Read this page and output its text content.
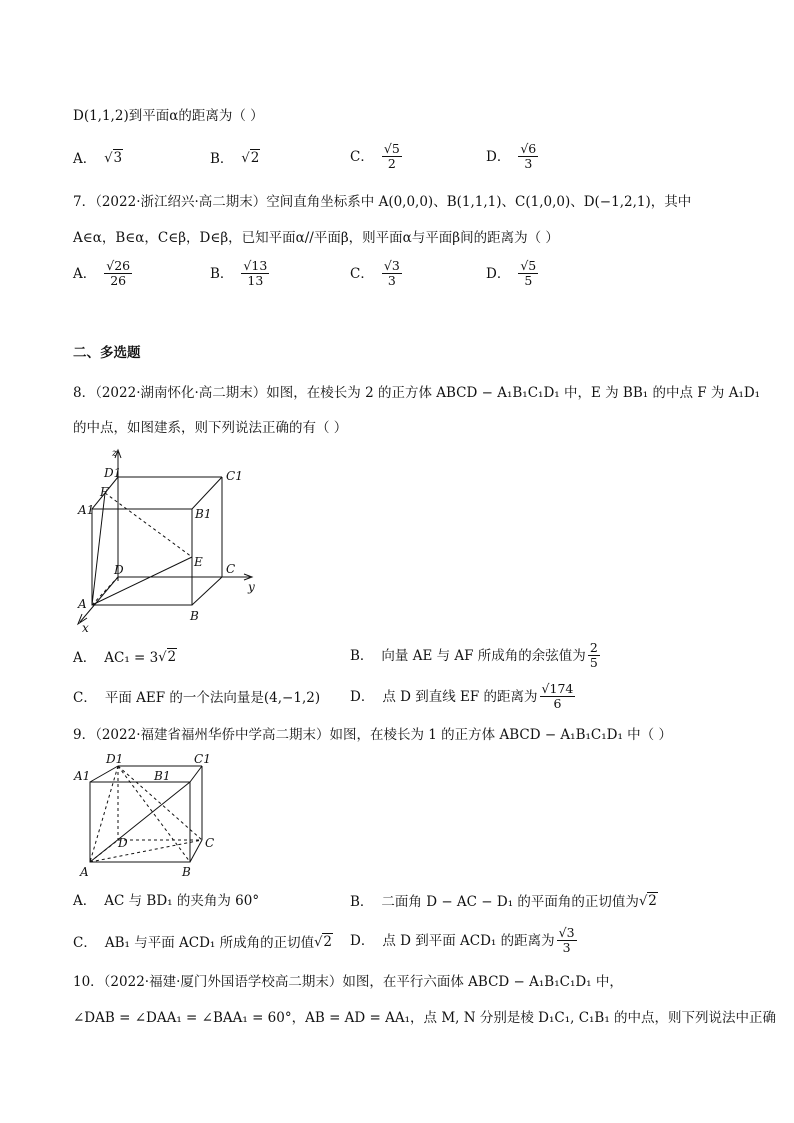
D(1,1,2)到平面α的距离为（ ）
A． √3	B． √2	C． $\frac{√5}{2}$	D． $\frac{√6}{3}$
7．（2022·浙江绍兴·高二期末）空间直角坐标系中 A(0,0,0)、B(1,1,1)、C(1,0,0)、D(−1,2,1)，其中
A∈α，B∈α，C∈β，D∈β，已知平面α//平面β，则平面α与平面β间的距离为（ ）
A． $\frac{√26}{26}$	B． $\frac{√13}{13}$	C． $\frac{√3}{3}$	D． $\frac{√5}{5}$
二、多选题
8．（2022·湖南怀化·高二期末）如图，在棱长为 2 的正方体 ABCD − A₁B₁C₁D₁ 中，E 为 BB₁ 的中点 F 为 A₁D₁
的中点，如图建系，则下列说法正确的有（ ）
z
y
x
D1	C1
F
A1	B1
E
D	C
A
B
A． AC₁ = 3 √2	B． 向量 AE 与 AF 所成角的余弦值为 $\frac{2}{5}$
C． 平面 AEF 的一个法向量是(4,−1,2) D． 点 D 到直线 EF 的距离为 $\frac{√174}{6}$
9．（2022·福建省福州华侨中学高二期末）如图，在棱长为 1 的正方体 ABCD − A₁B₁C₁D₁ 中（ ）
D1	C1
A1	B1
D	C
A	B
A． AC 与 BD₁ 的夹角为 60°	B． 二面角 D − AC − D₁ 的平面角的正切值为 √2
C． AB₁ 与平面 ACD₁ 所成角的正切值 √2 D． 点 D 到平面 ACD₁ 的距离为 $\frac{√3}{3}$
10．（2022·福建·厦门外国语学校高二期末）如图，在平行六面体 ABCD − A₁B₁C₁D₁ 中，
∠DAB = ∠DAA₁ = ∠BAA₁ = 60°，AB = AD = AA₁，点 M, N 分别是棱 D₁C₁, C₁B₁ 的中点，则下列说法中正确
